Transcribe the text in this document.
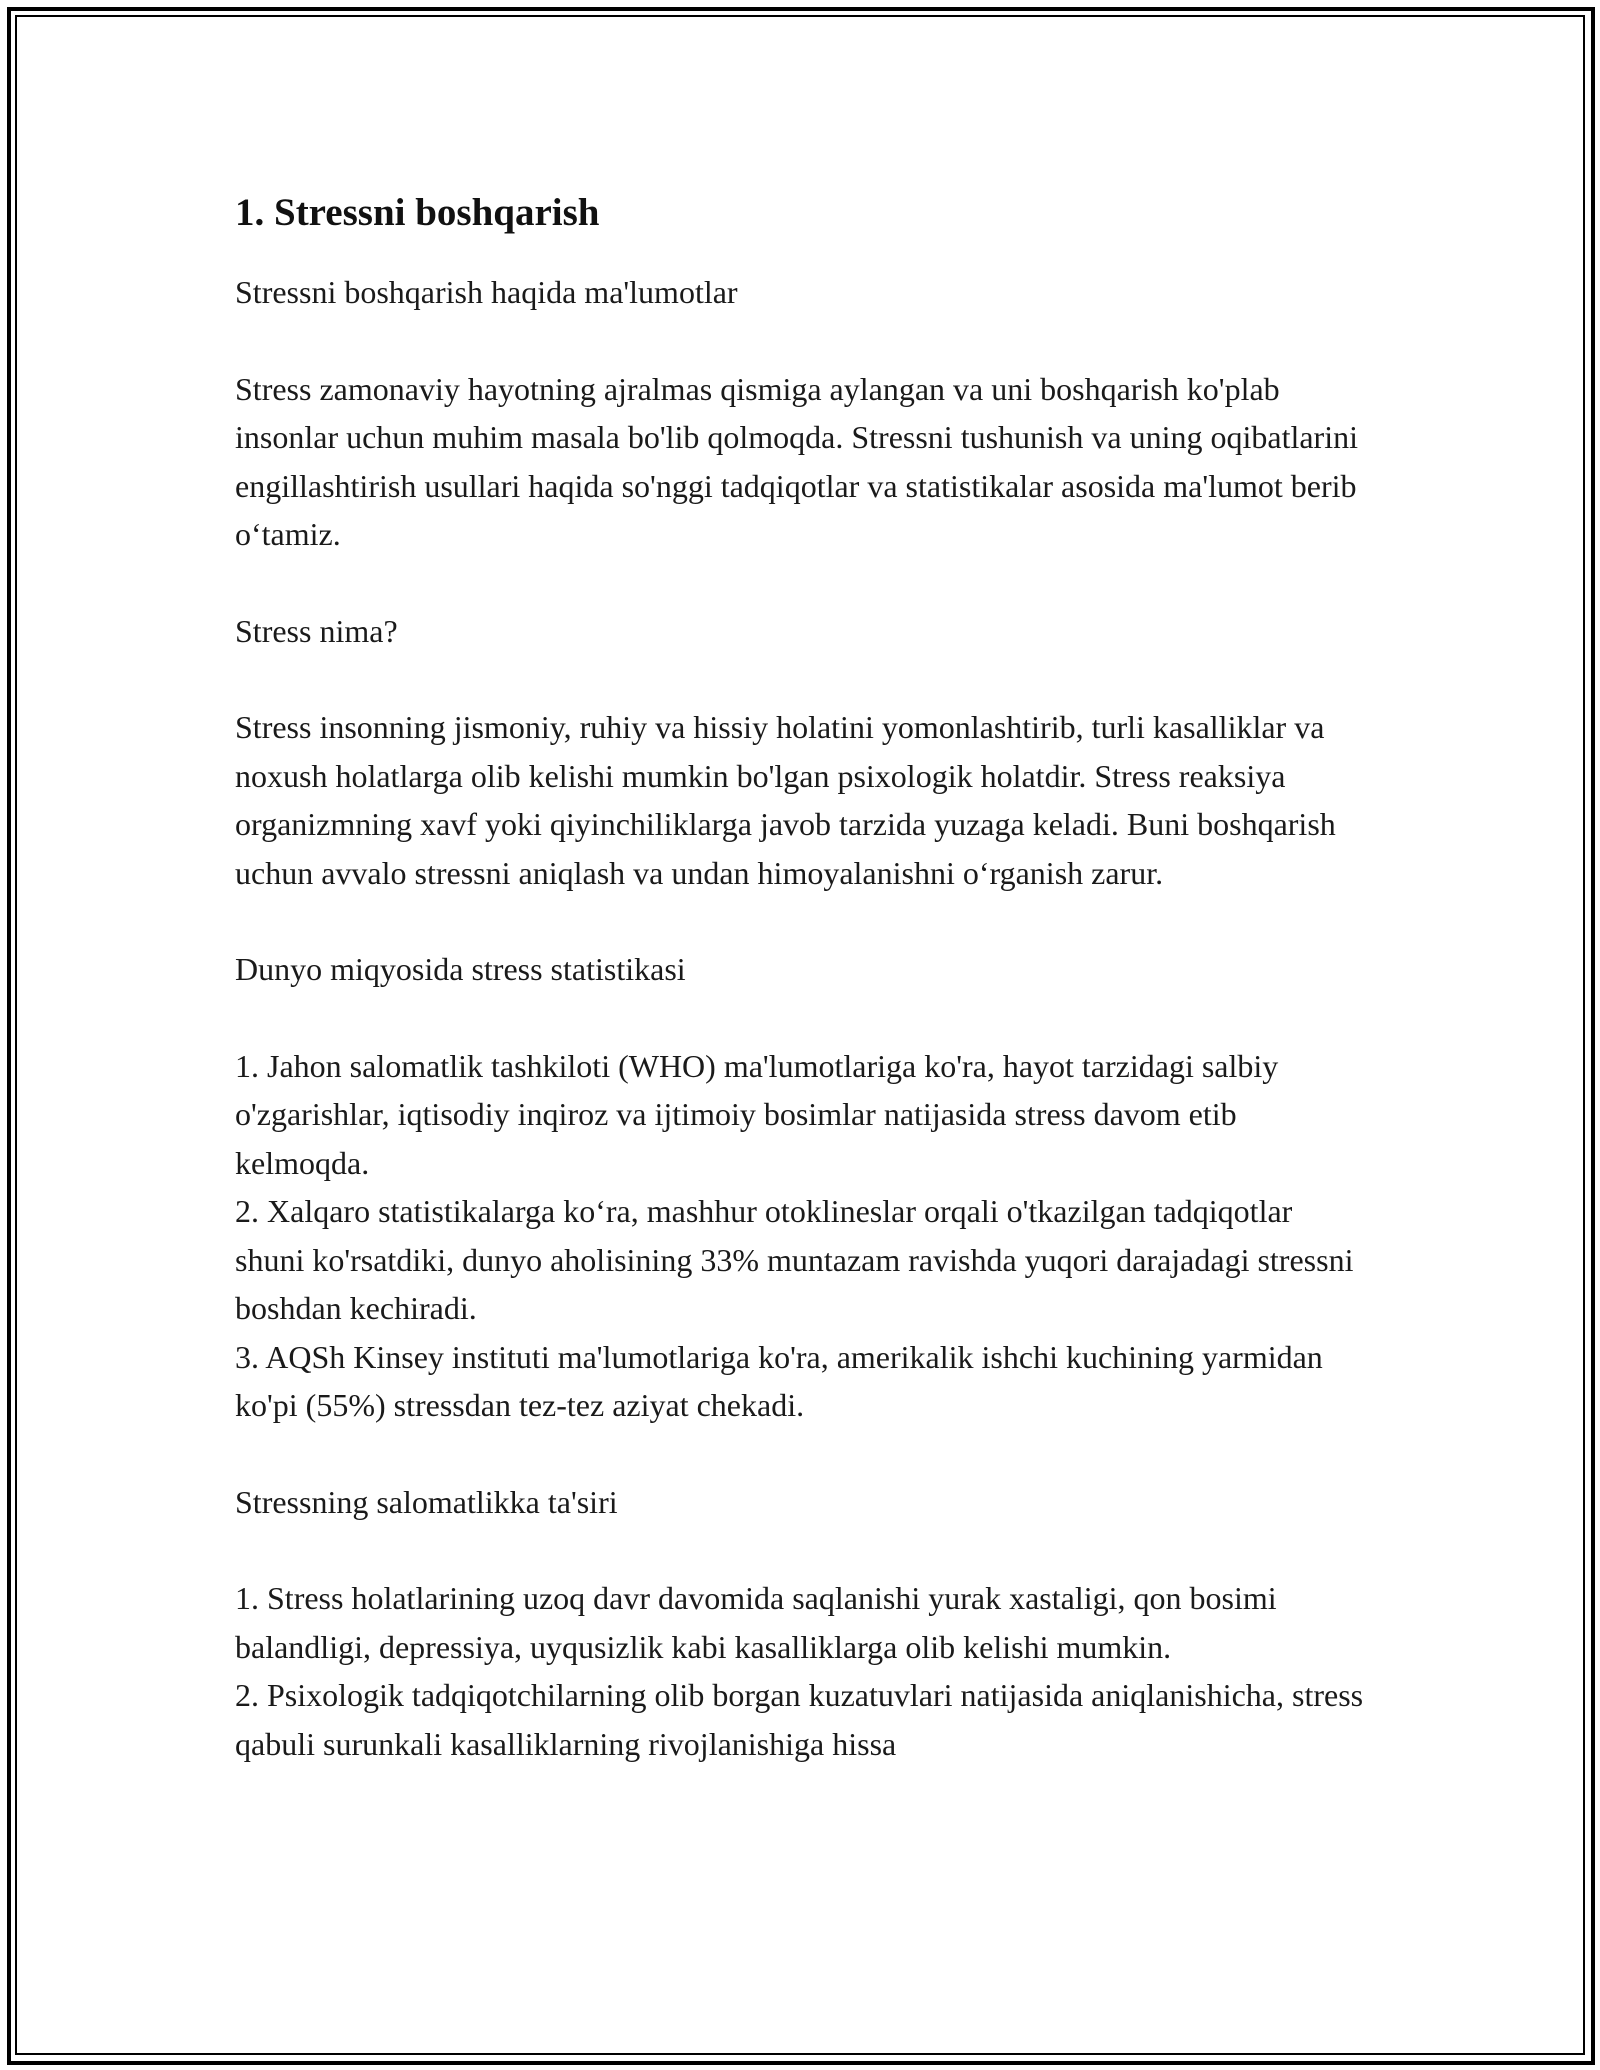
1. Stressni boshqarish

Stressni boshqarish haqida ma'lumotlar

Stress zamonaviy hayotning ajralmas qismiga aylangan va uni boshqarish ko'plab insonlar uchun muhim masala bo'lib qolmoqda. Stressni tushunish va uning oqibatlarini engillashtirish usullari haqida so'nggi tadqiqotlar va statistikalar asosida ma'lumot berib o‘tamiz.

Stress nima?

Stress insonning jismoniy, ruhiy va hissiy holatini yomonlashtirib, turli kasalliklar va noxush holatlarga olib kelishi mumkin bo'lgan psixologik holatdir. Stress reaksiya organizmning xavf yoki qiyinchiliklarga javob tarzida yuzaga keladi. Buni boshqarish uchun avvalo stressni aniqlash va undan himoyalanishni o‘rganish zarur.

Dunyo miqyosida stress statistikasi

1. Jahon salomatlik tashkiloti (WHO) ma'lumotlariga ko'ra, hayot tarzidagi salbiy o'zgarishlar, iqtisodiy inqiroz va ijtimoiy bosimlar natijasida stress davom etib kelmoqda.
2. Xalqaro statistikalarga ko‘ra, mashhur otoklineslar orqali o'tkazilgan tadqiqotlar shuni ko'rsatdiki, dunyo aholisining 33% muntazam ravishda yuqori darajadagi stressni boshdan kechiradi.
3. AQSh Kinsey instituti ma'lumotlariga ko'ra, amerikalik ishchi kuchining yarmidan ko'pi (55%) stressdan tez-tez aziyat chekadi.

Stressning salomatlikka ta'siri

1. Stress holatlarining uzoq davr davomida saqlanishi yurak xastaligi, qon bosimi balandligi, depressiya, uyqusizlik kabi kasalliklarga olib kelishi mumkin.
2. Psixologik tadqiqotchilarning olib borgan kuzatuvlari natijasida aniqlanishicha, stress qabuli surunkali kasalliklarning rivojlanishiga hissa
